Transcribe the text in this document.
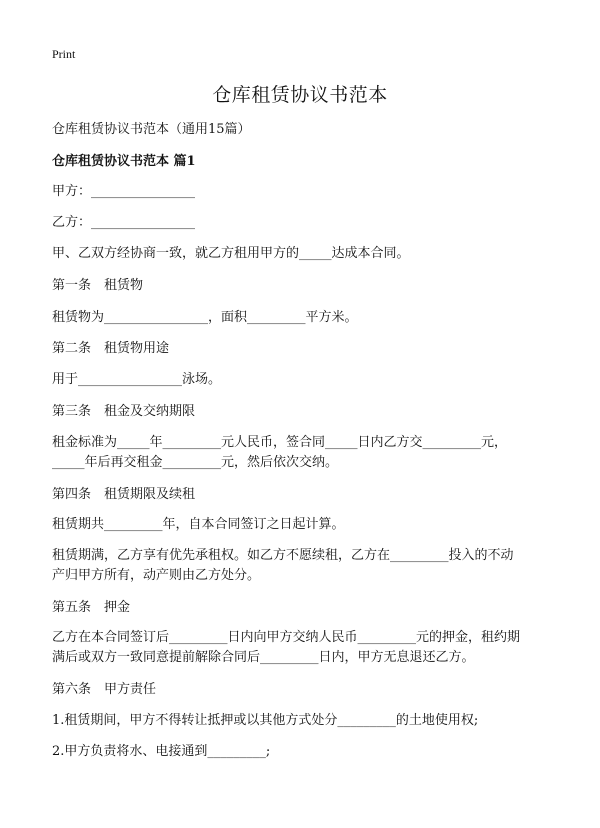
Print
仓库租赁协议书范本
仓库租赁协议书范本（通用15篇）
仓库租赁协议书范本 篇1
甲方：________________
乙方：________________
甲、乙双方经协商一致，就乙方租用甲方的_____达成本合同。
第一条　租赁物
租赁物为________________，面积_________平方米。
第二条　租赁物用途
用于________________泳场。
第三条　租金及交纳期限
租金标准为_____年_________元人民币，签合同_____日内乙方交_________元，
_____年后再交租金_________元，然后依次交纳。
第四条　租赁期限及续租
租赁期共_________年，自本合同签订之日起计算。
租赁期满，乙方享有优先承租权。如乙方不愿续租，乙方在_________投入的不动
产归甲方所有，动产则由乙方处分。
第五条　押金
乙方在本合同签订后_________日内向甲方交纳人民币_________元的押金，租约期
满后或双方一致同意提前解除合同后_________日内，甲方无息退还乙方。
第六条　甲方责任
1.租赁期间，甲方不得转让抵押或以其他方式处分_________的土地使用权;
2.甲方负责将水、电接通到_________;
